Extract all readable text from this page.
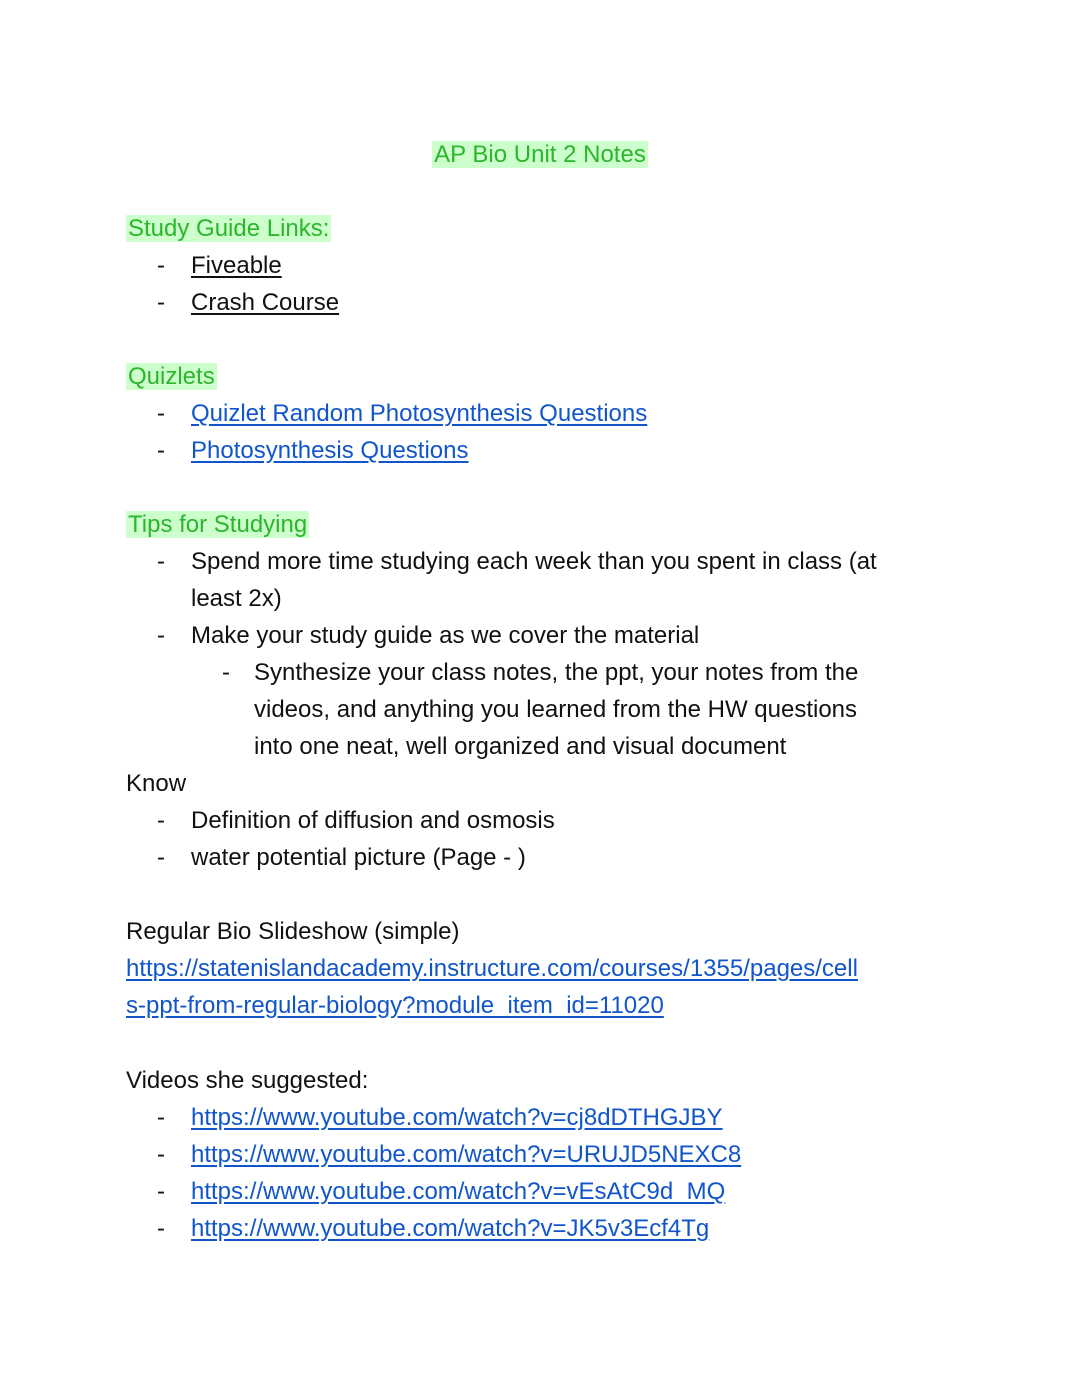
AP Bio Unit 2 Notes
Study Guide Links:
- Fiveable
- Crash Course
Quizlets
- Quizlet Random Photosynthesis Questions
- Photosynthesis Questions
Tips for Studying
- Spend more time studying each week than you spent in class (at
least 2x)
- Make your study guide as we cover the material
- Synthesize your class notes, the ppt, your notes from the
videos, and anything you learned from the HW questions
into one neat, well organized and visual document
Know
- Definition of diffusion and osmosis
- water potential picture (Page - )
Regular Bio Slideshow (simple)
https://statenislandacademy.instructure.com/courses/1355/pages/cell
s-ppt-from-regular-biology?module_item_id=11020
Videos she suggested:
- https://www.youtube.com/watch?v=cj8dDTHGJBY
- https://www.youtube.com/watch?v=URUJD5NEXC8
- https://www.youtube.com/watch?v=vEsAtC9d_MQ
- https://www.youtube.com/watch?v=JK5v3Ecf4Tg
